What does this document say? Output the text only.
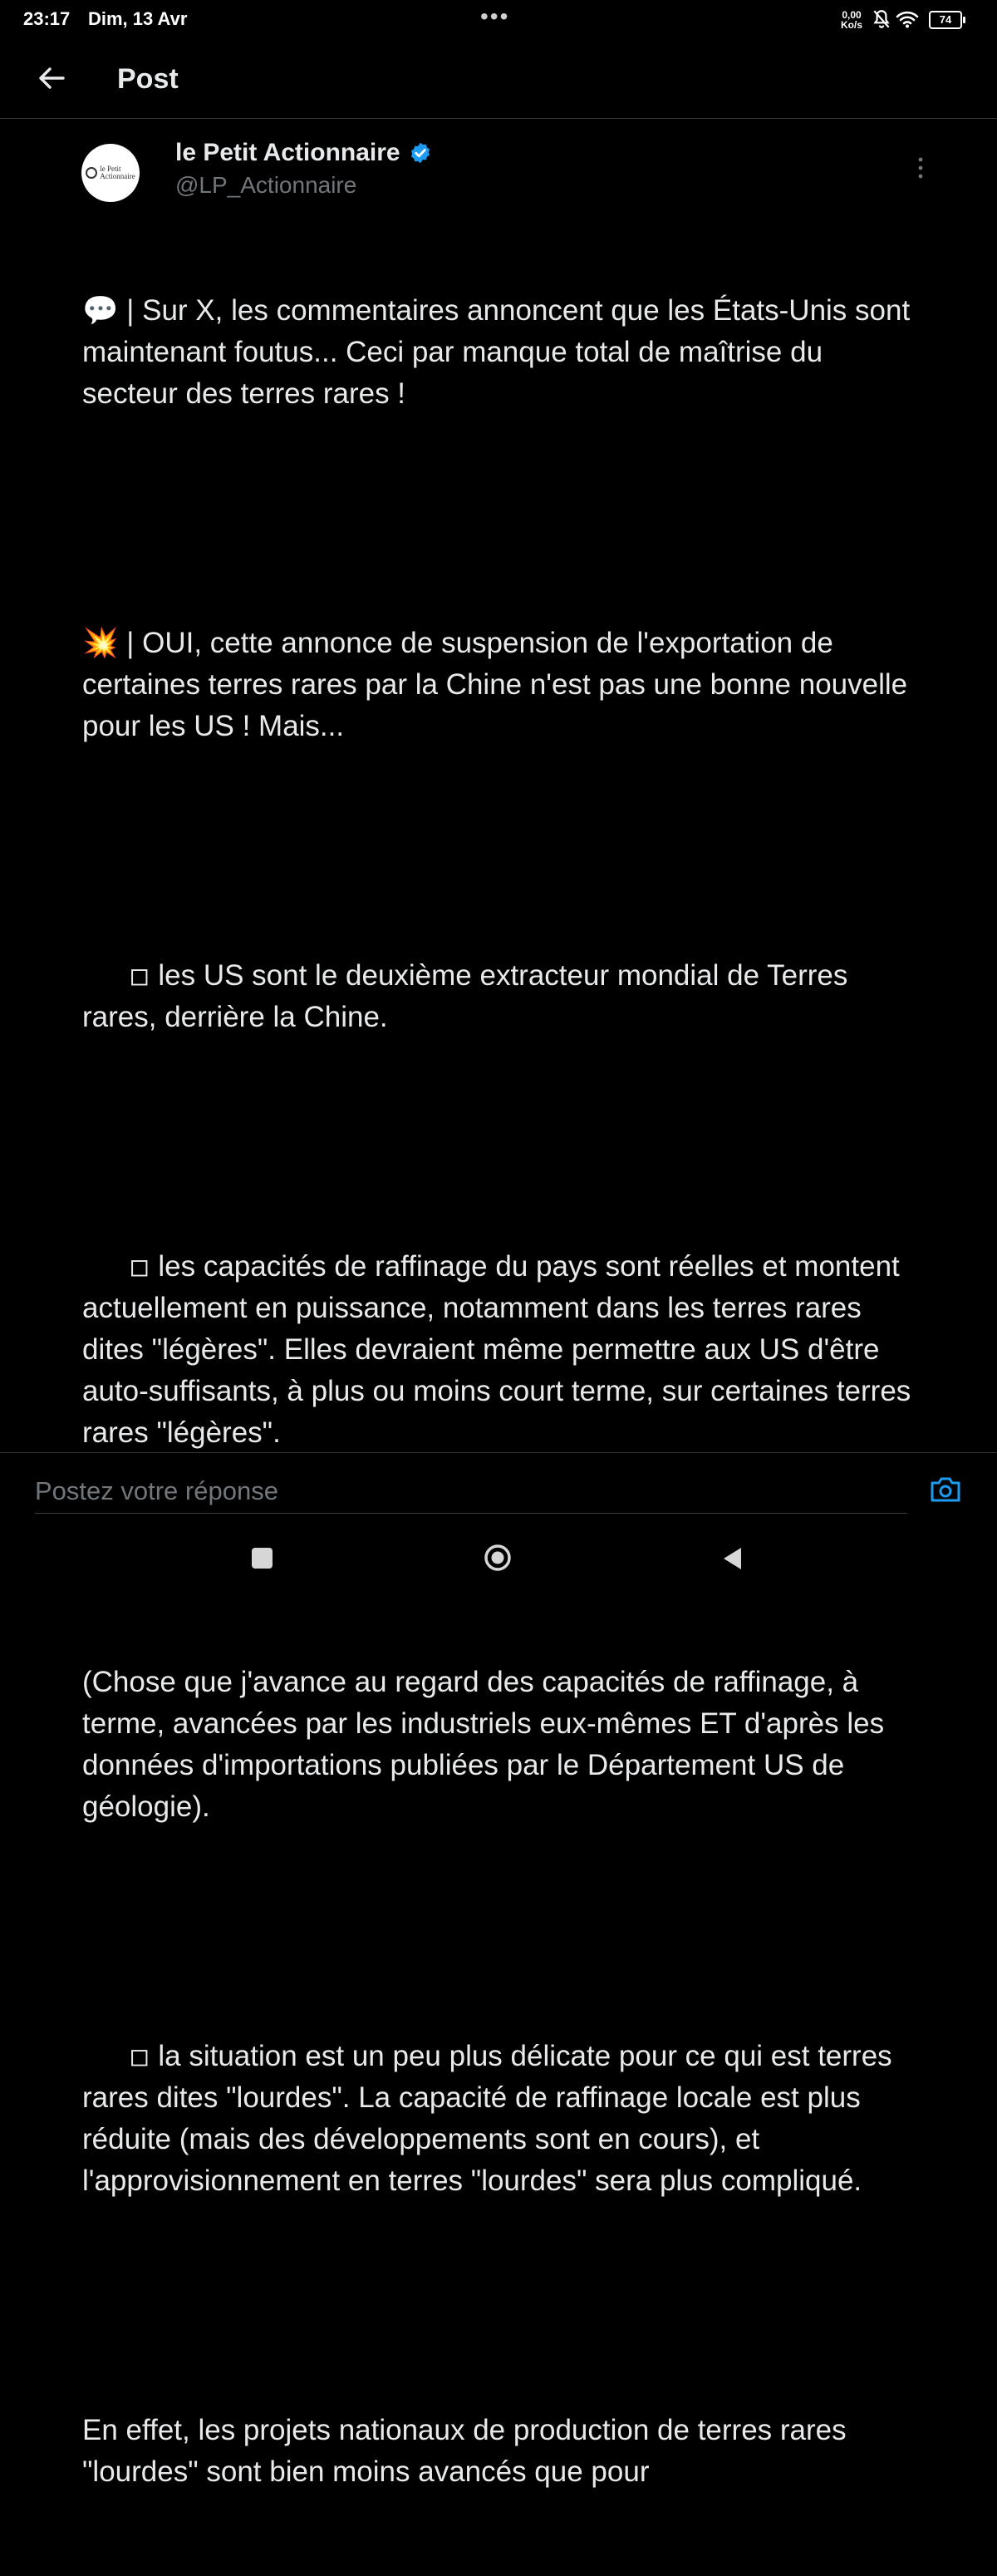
23:17 Dim, 13 Avr	•••	0,00
Ko/s	74
Post
le Petit
Actionnaire
le Petit Actionnaire
@LP_Actionnaire

💬 | Sur X, les commentaires annoncent que les États-Unis sont maintenant foutus... Ceci par manque total de maîtrise du secteur des terres rares !

💥 | OUI, cette annonce de suspension de l'exportation de certaines terres rares par la Chine n'est pas une bonne nouvelle pour les US ! Mais...

◽ les US sont le deuxième extracteur mondial de Terres rares, derrière la Chine.

◽ les capacités de raffinage du pays sont réelles et montent actuellement en puissance, notamment dans les terres rares dites "légères". Elles devraient même permettre aux US d'être auto-suffisants, à plus ou moins court terme, sur certaines terres rares "légères".

(Chose que j'avance au regard des capacités de raffinage, à terme, avancées par les industriels eux-mêmes ET d'après les données d'importations publiées par le Département US de géologie).

◽ la situation est un peu plus délicate pour ce qui est terres rares dites "lourdes". La capacité de raffinage locale est plus réduite (mais des développements sont en cours), et l'approvisionnement en terres "lourdes" sera plus compliqué.

En effet, les projets nationaux de production de terres rares "lourdes" sont bien moins avancés que pour

Postez votre réponse
